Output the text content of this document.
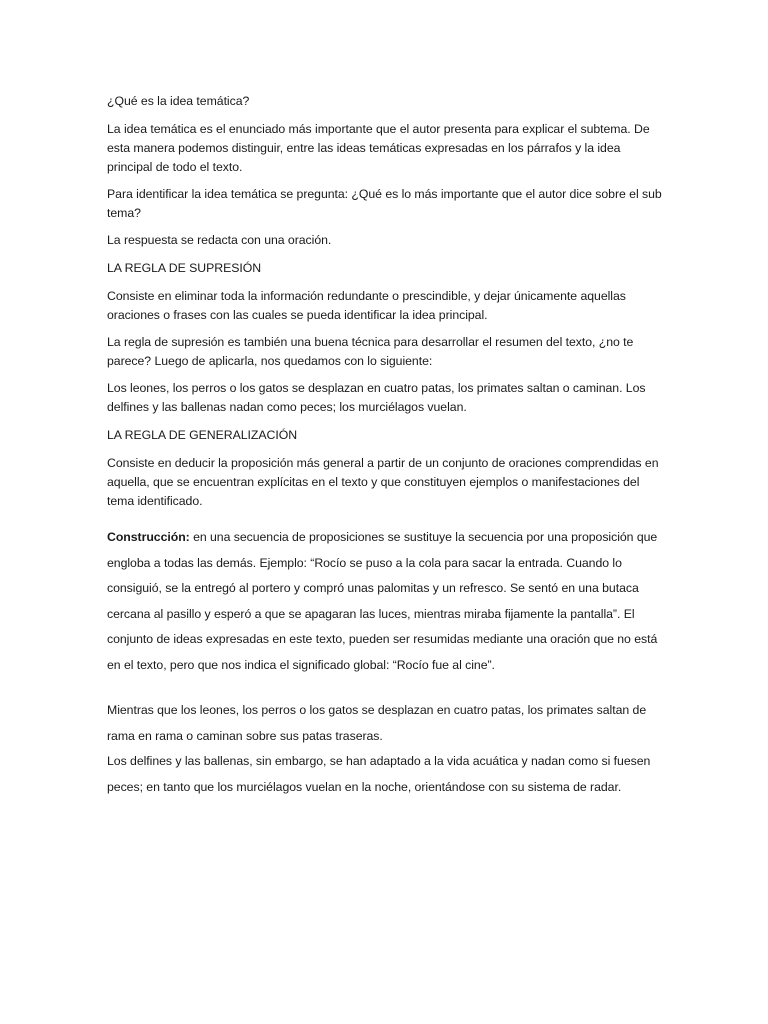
¿Qué es la idea temática?

La idea temática es el enunciado más importante que el autor presenta para explicar el subtema. De esta manera podemos distinguir, entre las ideas temáticas expresadas en los párrafos y la idea principal de todo el texto.

Para identificar la idea temática se pregunta: ¿Qué es lo más importante que el autor dice sobre el sub tema?

La respuesta se redacta con una oración.

LA REGLA DE SUPRESIÓN

Consiste en eliminar toda la información redundante o prescindible, y dejar únicamente aquellas oraciones o frases con las cuales se pueda identificar la idea principal.

La regla de supresión es también una buena técnica para desarrollar el resumen del texto, ¿no te parece? Luego de aplicarla, nos quedamos con lo siguiente:

Los leones, los perros o los gatos se desplazan en cuatro patas, los primates saltan o caminan. Los delfines y las ballenas nadan como peces; los murciélagos vuelan.

LA REGLA DE GENERALIZACIÓN

Consiste en deducir la proposición más general a partir de un conjunto de oraciones comprendidas en aquella, que se encuentran explícitas en el texto y que constituyen ejemplos o manifestaciones del tema identificado.

Construcción: en una secuencia de proposiciones se sustituye la secuencia por una proposición que engloba a todas las demás. Ejemplo: “Rocío se puso a la cola para sacar la entrada. Cuando lo consiguió, se la entregó al portero y compró unas palomitas y un refresco. Se sentó en una butaca cercana al pasillo y esperó a que se apagaran las luces, mientras miraba fijamente la pantalla”. El conjunto de ideas expresadas en este texto, pueden ser resumidas mediante una oración que no está en el texto, pero que nos indica el significado global: “Rocío fue al cine”.

Mientras que los leones, los perros o los gatos se desplazan en cuatro patas, los primates saltan de rama en rama o caminan sobre sus patas traseras.

Los delfines y las ballenas, sin embargo, se han adaptado a la vida acuática y nadan como si fuesen peces; en tanto que los murciélagos vuelan en la noche, orientándose con su sistema de radar.
